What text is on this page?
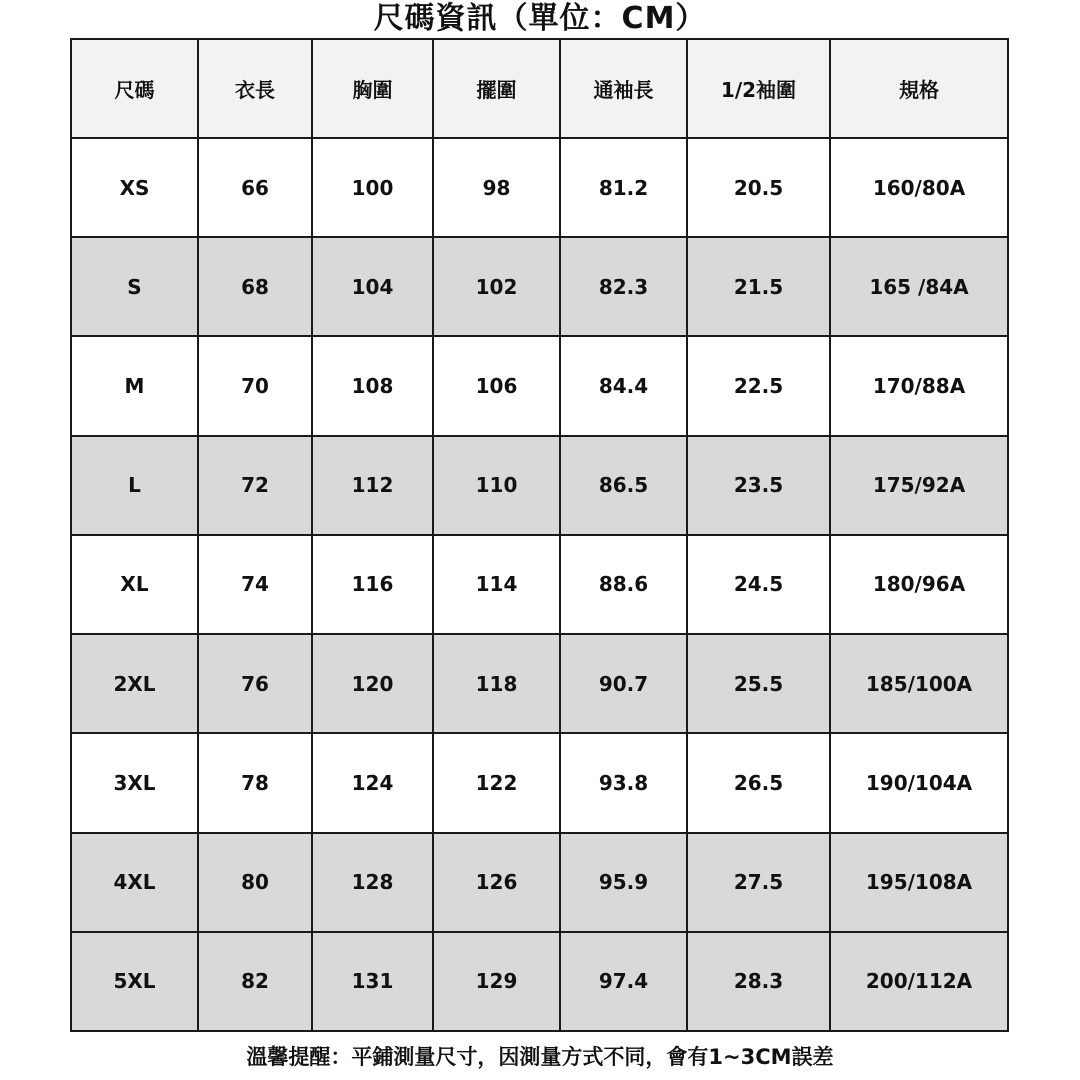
尺碼資訊（單位：CM）
尺碼	衣長	胸圍	擺圍	通袖長	1/2袖圍	規格
XS	66	100	98	81.2	20.5	160/80A
S	68	104	102	82.3	21.5	165 /84A
M	70	108	106	84.4	22.5	170/88A
L	72	112	110	86.5	23.5	175/92A
XL	74	116	114	88.6	24.5	180/96A
2XL	76	120	118	90.7	25.5	185/100A
3XL	78	124	122	93.8	26.5	190/104A
4XL	80	128	126	95.9	27.5	195/108A
5XL	82	131	129	97.4	28.3	200/112A
溫馨提醒：平鋪測量尺寸，因測量方式不同，會有1~3CM誤差
